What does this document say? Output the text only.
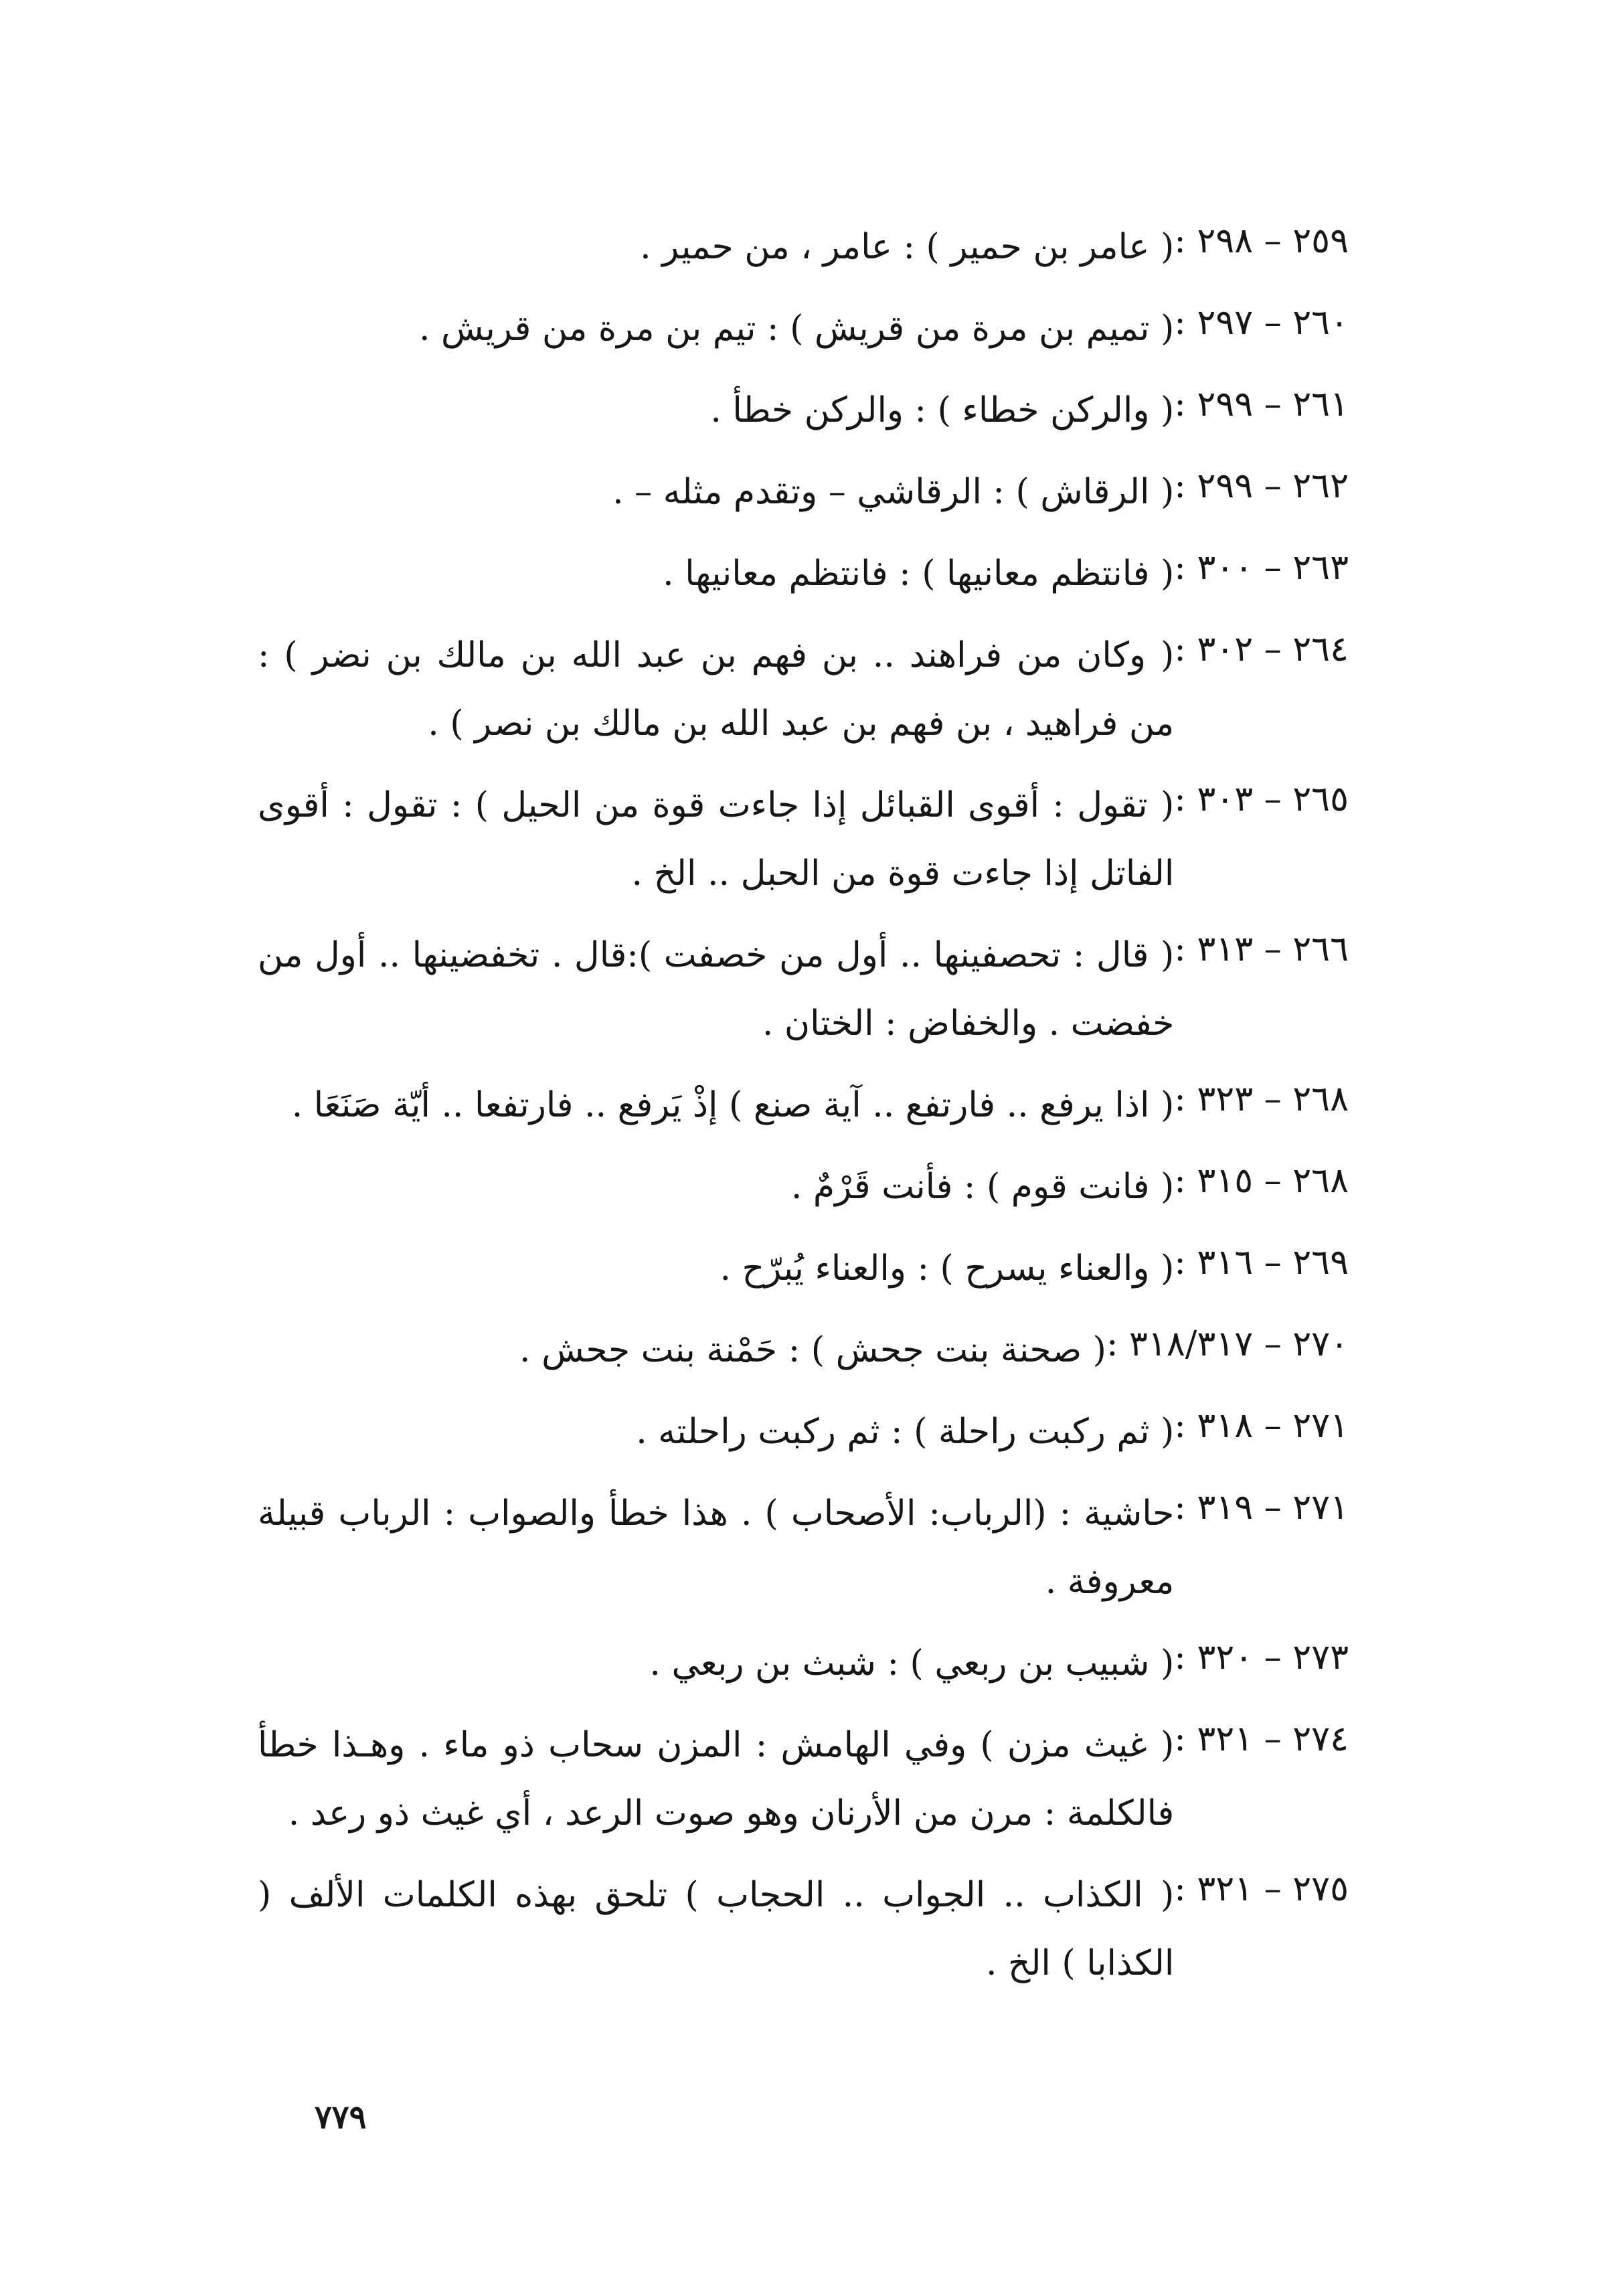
٢٥٩ – ٢٩٨ :
( عامر بن حمير ) : عامر ، من حمير .
٢٦٠ – ٢٩٧ :
( تميم بن مرة من قريش ) : تيم بن مرة من قريش .
٢٦١ – ٢٩٩ :
( والركن خطاء ) : والركن خطأ .
٢٦٢ – ٢٩٩ :
( الرقاش ) : الرقاشي – وتقدم مثله – .
٢٦٣ – ٣٠٠ :
( فانتظم معانيها ) : فانتظم معانيها .
٢٦٤ – ٣٠٢ :
( وكان من فراهند .. بن فهم بن عبد الله بن مالك بن نضر ) : من فراهيد ، بن فهم بن عبد الله بن مالك بن نصر ) .
٢٦٥ – ٣٠٣ :
( تقول : أقوى القبائل إذا جاءت قوة من الحيل ) : تقول : أقوى الفاتل إذا جاءت قوة من الحبل .. الخ .
٢٦٦ – ٣١٣ :
( قال : تحصفينها .. أول من خصفت ):قال . تخفضينها .. أول من خفضت . والخفاض : الختان .
٢٦٨ – ٣٢٣ :
( اذا يرفع .. فارتفع .. آية صنع ) إذْ يَرفع .. فارتفعا .. أيّة صَنَعَا .
٢٦٨ – ٣١٥ :
( فانت قوم ) : فأنت قَرْمٌ .
٢٦٩ – ٣١٦ :
( والعناء يسرح ) : والعناء يُبرّح .
٢٧٠ – ٣١٨/٣١٧ :
( صحنة بنت جحش ) : حَمْنة بنت جحش .
٢٧١ – ٣١٨ :
( ثم ركبت راحلة ) : ثم ركبت راحلته .
٢٧١ – ٣١٩ :
حاشية : (الرباب: الأصحاب ) . هذا خطأ والصواب : الرباب قبيلة معروفة .
٢٧٣ – ٣٢٠ :
( شبيب بن ربعي ) : شبث بن ربعي .
٢٧٤ – ٣٢١ :
( غيث مزن ) وفي الهامش : المزن سحاب ذو ماء . وهـذا خطأ فالكلمة : مرن من الأرنان وهو صوت الرعد ، أي غيث ذو رعد .
٢٧٥ – ٣٢١ :
( الكذاب .. الجواب .. الحجاب ) تلحق بهذه الكلمات الألف ( الكذابا ) الخ .
٧٧٩
